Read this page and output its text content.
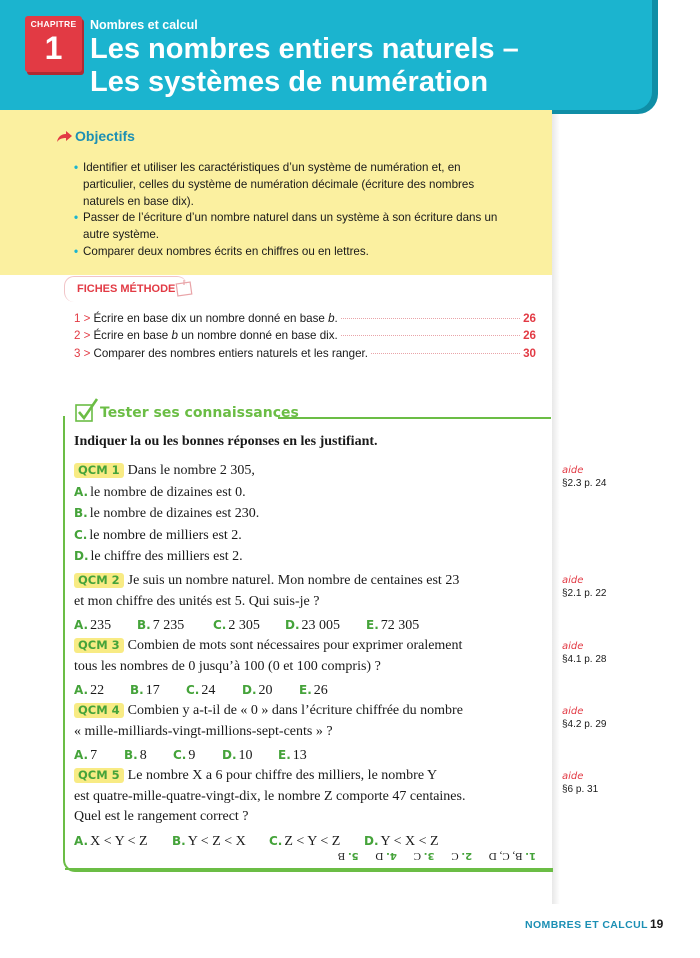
CHAPITRE
1
Nombres et calcul
Les nombres entiers naturels –
Les systèmes de numération
Objectifs
• Identifier et utiliser les caractéristiques d’un système de numération et, en particulier, celles du système de numération décimale (écriture des nombres naturels en base dix).
• Passer de l’écriture d’un nombre naturel dans un système à son écriture dans un autre système.
• Comparer deux nombres écrits en chiffres ou en lettres.
FICHES MÉTHODE
1 > Écrire en base dix un nombre donné en base b.	26
2 > Écrire en base b un nombre donné en base dix.	26
3 > Comparer des nombres entiers naturels et les ranger.	30
Tester ses connaissances
Indiquer la ou les bonnes réponses en les justifiant.
QCM 1 Dans le nombre 2 305,
A. le nombre de dizaines est 0.
B. le nombre de dizaines est 230.
C. le nombre de milliers est 2.
D. le chiffre des milliers est 2.
QCM 2 Je suis un nombre naturel. Mon nombre de centaines est 23
et mon chiffre des unités est 5. Qui suis-je ?
A. 235 B. 7 235 C. 2 305 D. 23 005 E. 72 305
QCM 3 Combien de mots sont nécessaires pour exprimer oralement
tous les nombres de 0 jusqu’à 100 (0 et 100 compris) ?
A. 22 B. 17 C. 24 D. 20 E. 26
QCM 4 Combien y a-t-il de « 0 » dans l’écriture chiffrée du nombre
« mille-milliards-vingt-millions-sept-cents » ?
A. 7 B. 8 C. 9 D. 10 E. 13
QCM 5 Le nombre X a 6 pour chiffre des milliers, le nombre Y
est quatre-mille-quatre-vingt-dix, le nombre Z comporte 47 centaines.
Quel est le rangement correct ?
A. X < Y < Z B. Y < Z < X C. Z < Y < Z D. Y < X < Z
1. B, C, D 2. C 3. C 4. D 5. B
aide
§2.3 p. 24
aide
§2.1 p. 22
aide
§4.1 p. 28
aide
§4.2 p. 29
aide
§6 p. 31
NOMBRES ET CALCUL 19
